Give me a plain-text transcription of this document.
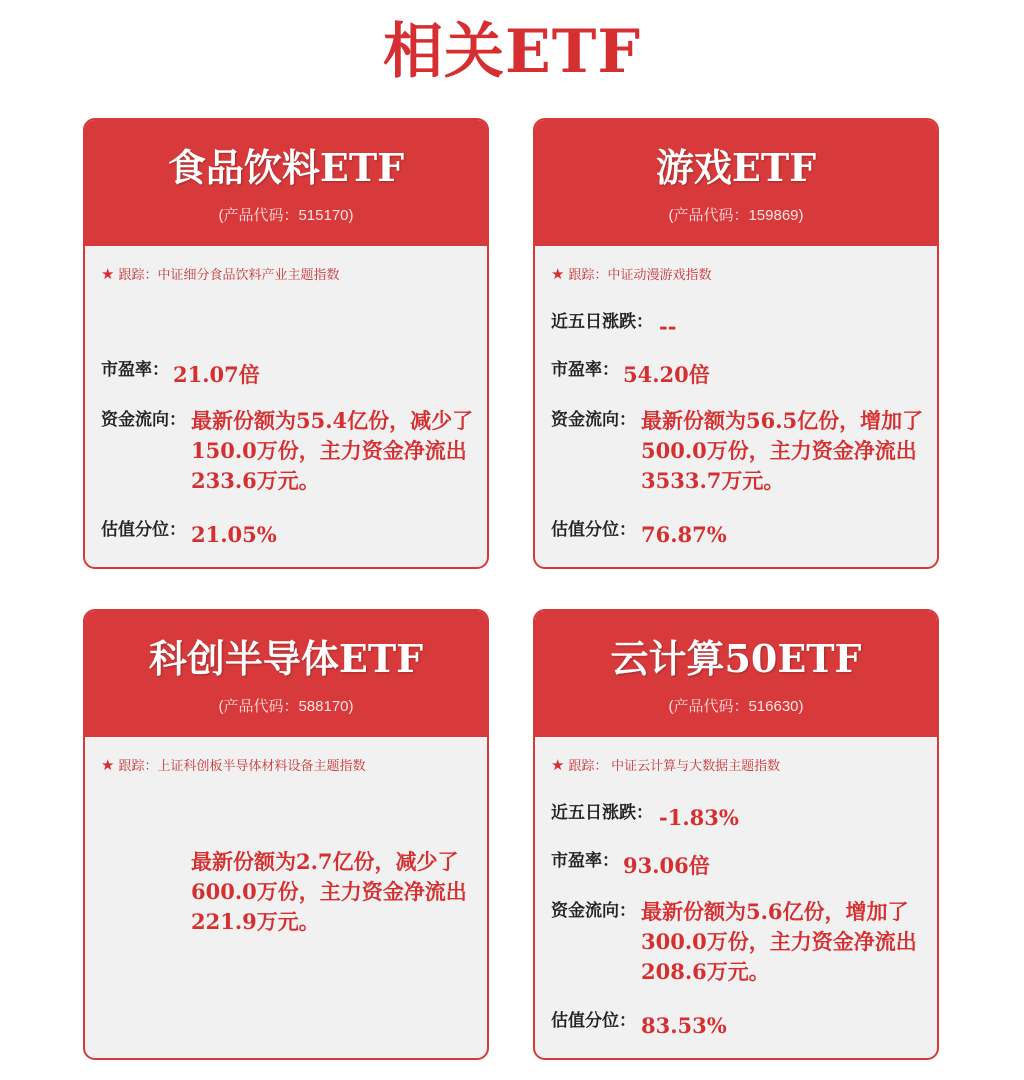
相关ETF
食品饮料ETF
(产品代码：515170)
★ 跟踪：中证细分食品饮料产业主题指数
市盈率： 21.07倍
资金流向： 最新份额为55.4亿份，减少了150.0万份，主力资金净流出233.6万元。
估值分位： 21.05%
游戏ETF
(产品代码：159869)
★ 跟踪：中证动漫游戏指数
近五日涨跌： --
市盈率： 54.20倍
资金流向： 最新份额为56.5亿份，增加了500.0万份，主力资金净流出3533.7万元。
估值分位： 76.87%
科创半导体ETF
(产品代码：588170)
★ 跟踪：上证科创板半导体材料设备主题指数
最新份额为2.7亿份，减少了600.0万份，主力资金净流出221.9万元。
云计算50ETF
(产品代码：516630)
★ 跟踪： 中证云计算与大数据主题指数
近五日涨跌： -1.83%
市盈率： 93.06倍
资金流向： 最新份额为5.6亿份，增加了300.0万份，主力资金净流出208.6万元。
估值分位： 83.53%
